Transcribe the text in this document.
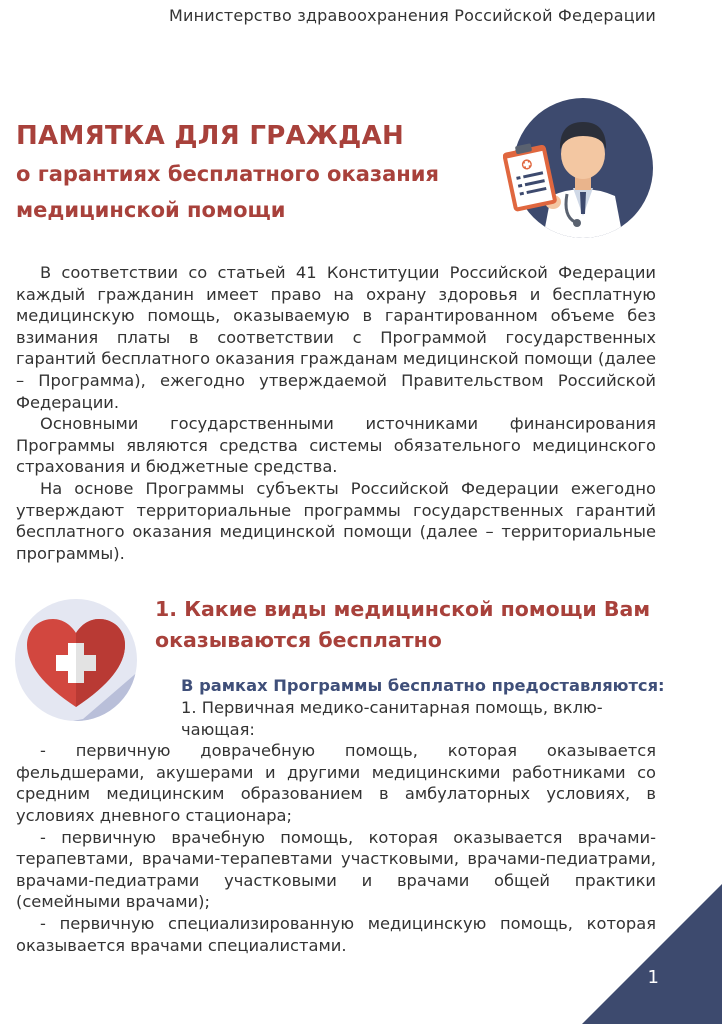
Министерство здравоохранения Российской Федерации
ПАМЯТКА ДЛЯ ГРАЖДАН
о гарантиях бесплатного оказания
медицинской помощи

В соответствии со статьей 41 Конституции Российской Федерации каждый гражданин имеет право на охрану здоровья и бесплатную медицинскую помощь, оказываемую в гарантированном объеме без взимания платы в соответствии с Программой государственных гарантий бесплатного оказания гражданам медицинской помощи (далее – Программа), ежегодно утверждаемой Правительством Российской Федерации.

Основными государственными источниками финансирования Программы являются средства системы обязательного медицинского страхования и бюджетные средства.

На основе Программы субъекты Российской Федерации ежегодно утверждают территориальные программы государственных гарантий бесплатного оказания медицинской помощи (далее – территориальные программы).

1. Какие виды медицинской помощи Вам
оказываются бесплатно
В рамках Программы бесплатно предоставляются:

1. Первичная медико-санитарная помощь, вклю-

чающая:

- первичную доврачебную помощь, которая оказывается фельдшерами, акушерами и другими медицинскими работниками со средним медицинским образованием в амбулаторных условиях, в условиях дневного стационара;

- первичную врачебную помощь, которая оказывается врачами-терапевтами, врачами-терапевтами участковыми, врачами-педиатрами, врачами-педиатрами участковыми и врачами общей практики (семейными врачами);

- первичную специализированную медицинскую помощь, которая оказывается врачами специалистами.

1
